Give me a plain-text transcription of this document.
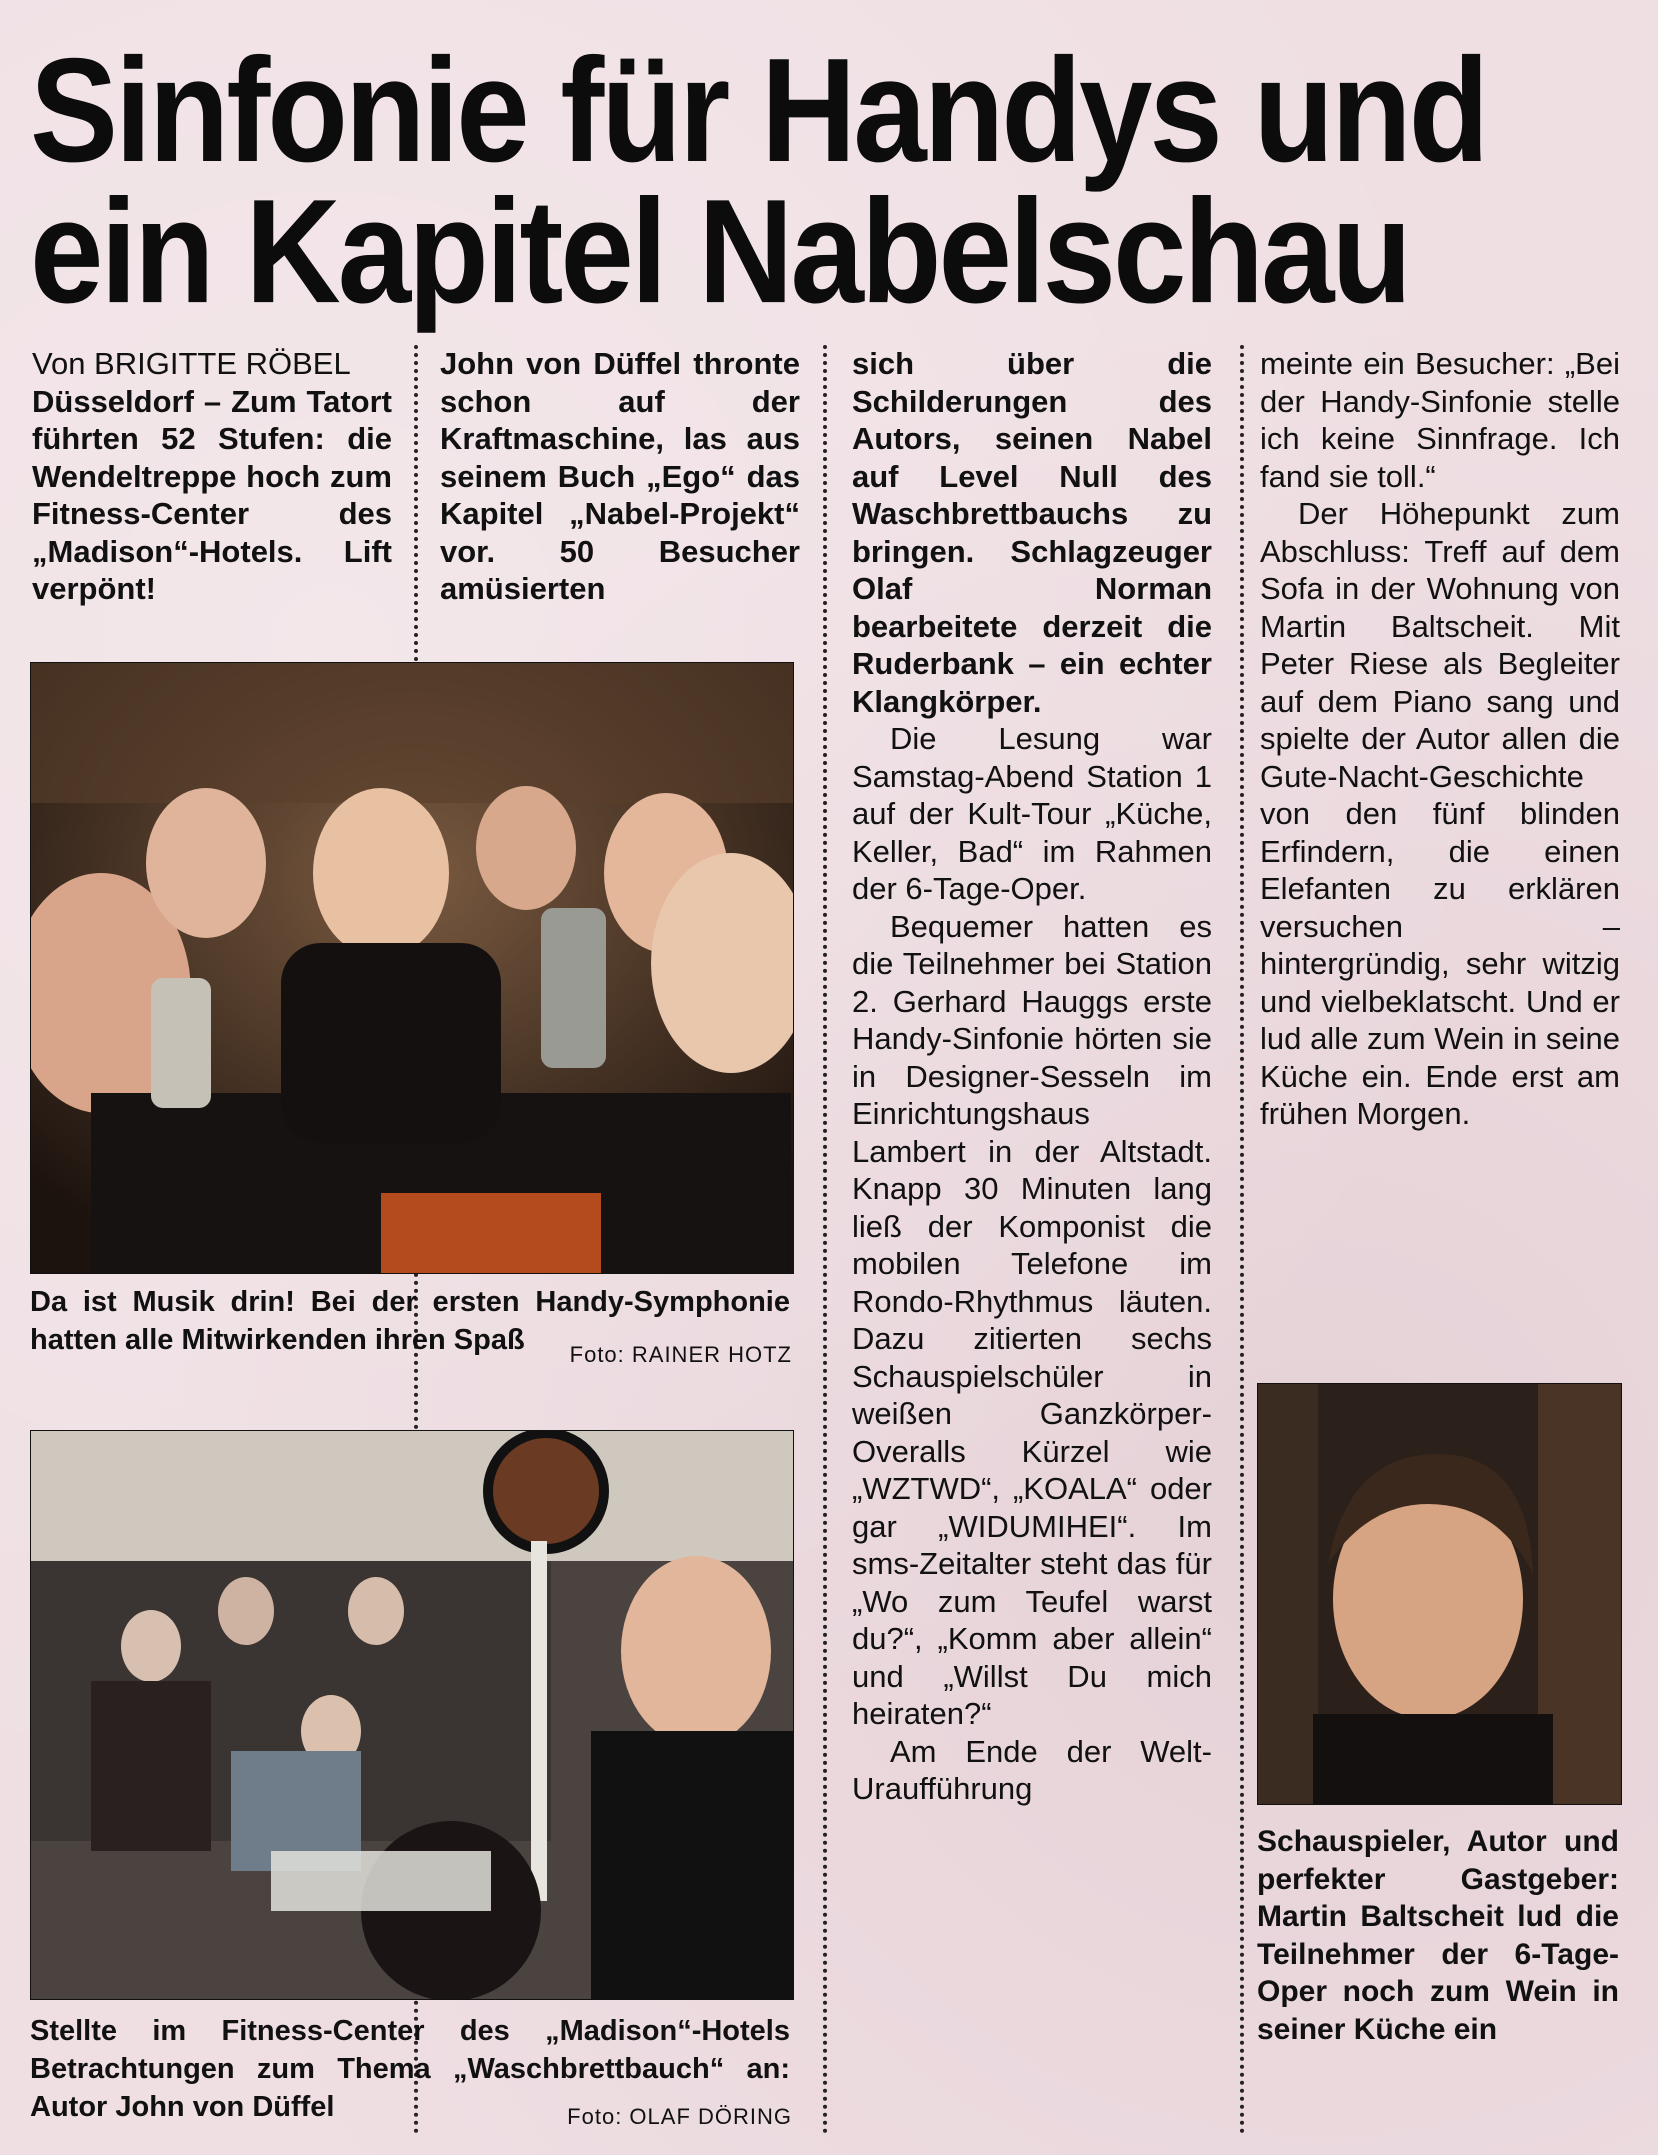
Sinfonie für Handys und
ein Kapitel Nabelschau

Von BRIGITTE RÖBEL

Düsseldorf – Zum Tatort führten 52 Stufen: die Wendeltreppe hoch zum Fitness-Center des „Madison“-Hotels. Lift verpönt!

John von Düffel thronte schon auf der Kraftmaschine, las aus seinem Buch „Ego“ das Kapitel „Nabel-Projekt“ vor. 50 Besucher amüsierten

Da ist Musik drin! Bei der ersten Handy-Symphonie hatten alle Mitwirkenden ihren Spaß	Foto: RAINER HOTZ
Stellte im Fitness-Center des „Madison“-Hotels Betrachtungen zum Thema „Waschbrettbauch“ an: Autor John von Düffel	Foto: OLAF DÖRING

sich über die Schilderungen des Autors, seinen Nabel auf Level Null des Waschbrettbauchs zu bringen. Schlagzeuger Olaf Norman bearbeitete derzeit die Ruderbank – ein echter Klangkörper.

Die Lesung war Samstag-Abend Station 1 auf der Kult-Tour „Küche, Keller, Bad“ im Rahmen der 6-Tage-Oper.

Bequemer hatten es die Teilnehmer bei Station 2. Gerhard Hauggs erste Handy-Sinfonie hörten sie in Designer-Sesseln im Einrichtungshaus Lambert in der Altstadt. Knapp 30 Minuten lang ließ der Komponist die mobilen Telefone im Rondo-Rhythmus läuten. Dazu zitierten sechs Schauspielschüler in weißen Ganzkörper-Overalls Kürzel wie „WZTWD“, „KOALA“ oder gar „WIDUMIHEI“. Im sms-Zeitalter steht das für „Wo zum Teufel warst du?“, „Komm aber allein“ und „Willst Du mich heiraten?“

Am Ende der Welt-Uraufführung

meinte ein Besucher: „Bei der Handy-Sinfonie stelle ich keine Sinnfrage. Ich fand sie toll.“

Der Höhepunkt zum Abschluss: Treff auf dem Sofa in der Wohnung von Martin Baltscheit. Mit Peter Riese als Begleiter auf dem Piano sang und spielte der Autor allen die Gute-Nacht-Geschichte von den fünf blinden Erfindern, die einen Elefanten zu erklären versuchen – hintergründig, sehr witzig und vielbeklatscht. Und er lud alle zum Wein in seine Küche ein. Ende erst am frühen Morgen.

Schauspieler, Autor und perfekter Gastgeber: Martin Baltscheit lud die Teilnehmer der 6-Tage-Oper noch zum Wein in seiner Küche ein
